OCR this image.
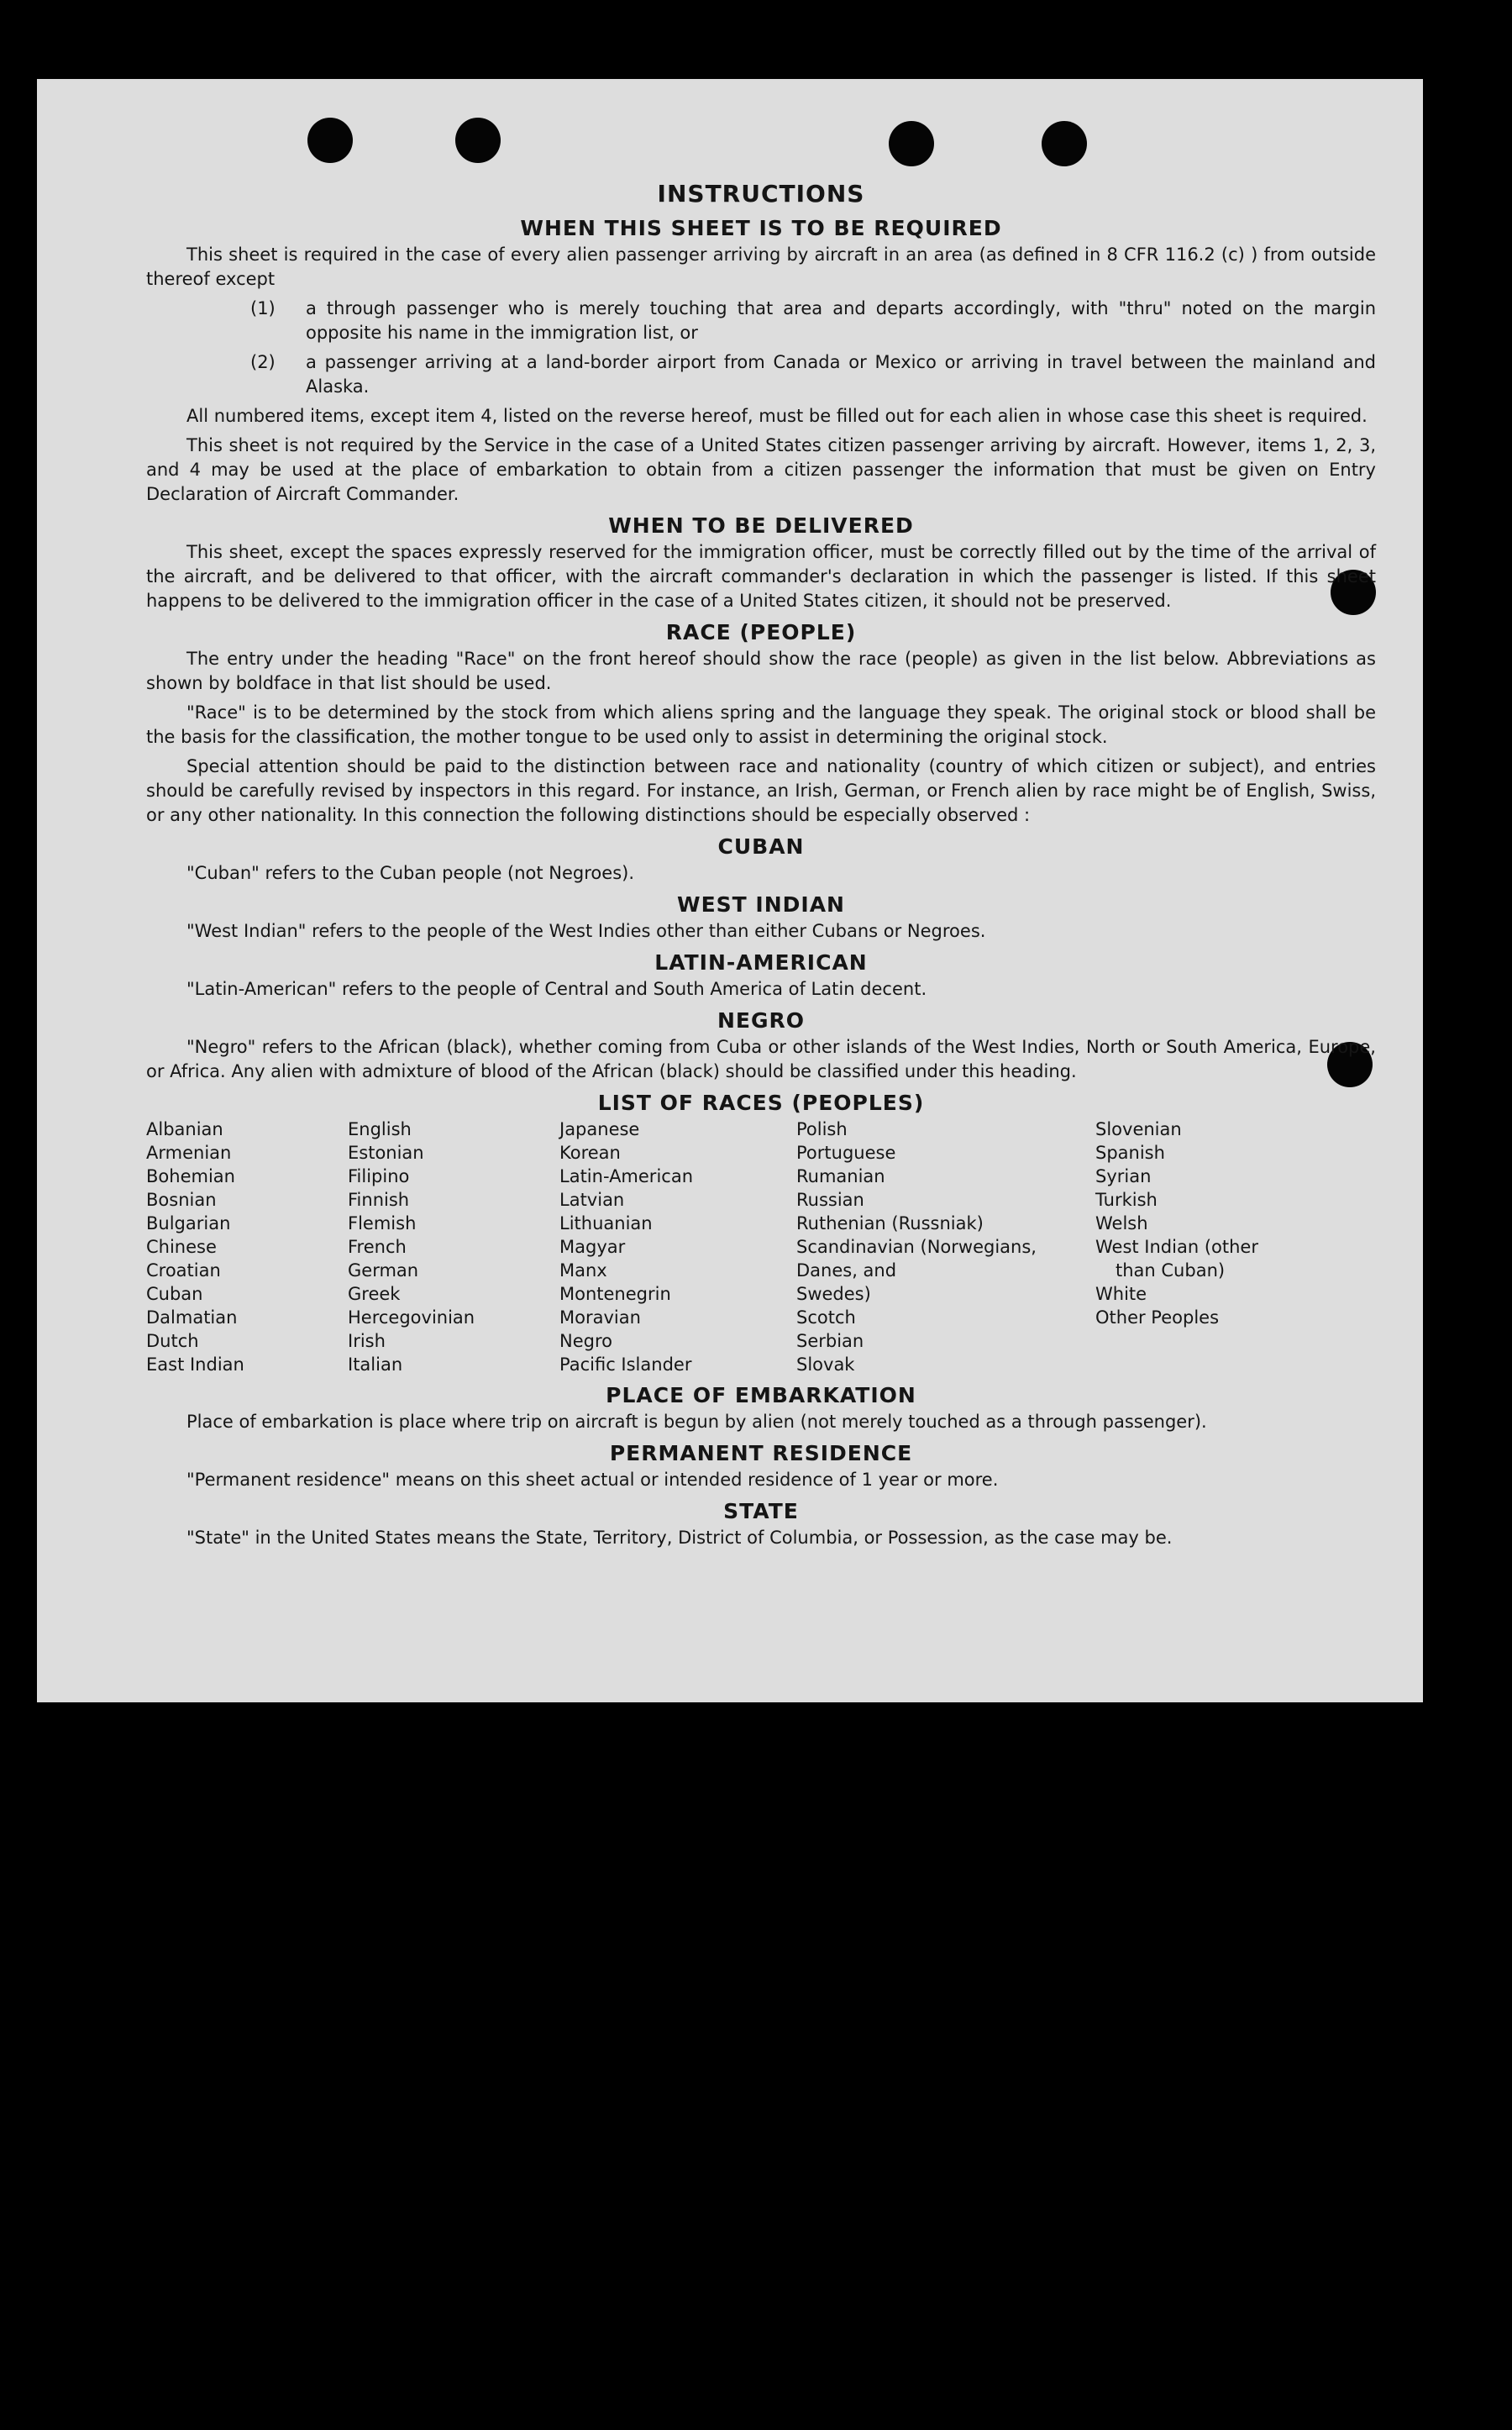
INSTRUCTIONS
WHEN THIS SHEET IS TO BE REQUIRED

This sheet is required in the case of every alien passenger arriving by aircraft in an area (as defined in 8 CFR 116.2 (c) ) from outside thereof except

(1) a through passenger who is merely touching that area and departs accordingly, with "thru" noted on the margin opposite his name in the immigration list, or
(2) a passenger arriving at a land-border airport from Canada or Mexico or arriving in travel between the mainland and Alaska.

All numbered items, except item 4, listed on the reverse hereof, must be filled out for each alien in whose case this sheet is required.

This sheet is not required by the Service in the case of a United States citizen passenger arriving by aircraft. However, items 1, 2, 3, and 4 may be used at the place of embarkation to obtain from a citizen passenger the information that must be given on Entry Declaration of Aircraft Commander.

WHEN TO BE DELIVERED

This sheet, except the spaces expressly reserved for the immigration officer, must be correctly filled out by the time of the arrival of the aircraft, and be delivered to that officer, with the aircraft commander's declaration in which the passenger is listed. If this sheet happens to be delivered to the immigration officer in the case of a United States citizen, it should not be preserved.

RACE (PEOPLE)

The entry under the heading "Race" on the front hereof should show the race (people) as given in the list below. Abbreviations as shown by boldface in that list should be used.

"Race" is to be determined by the stock from which aliens spring and the language they speak. The original stock or blood shall be the basis for the classification, the mother tongue to be used only to assist in determining the original stock.

Special attention should be paid to the distinction between race and nationality (country of which citizen or subject), and entries should be carefully revised by inspectors in this regard. For instance, an Irish, German, or French alien by race might be of English, Swiss, or any other nationality. In this connection the following distinctions should be especially observed :

CUBAN

"Cuban" refers to the Cuban people (not Negroes).

WEST INDIAN

"West Indian" refers to the people of the West Indies other than either Cubans or Negroes.

LATIN-AMERICAN

"Latin-American" refers to the people of Central and South America of Latin decent.

NEGRO

"Negro" refers to the African (black), whether coming from Cuba or other islands of the West Indies, North or South America, Europe, or Africa. Any alien with admixture of blood of the African (black) should be classified under this heading.

LIST OF RACES (PEOPLES)
Albanian
Armenian
Bohemian
Bosnian
Bulgarian
Chinese
Croatian
Cuban
Dalmatian
Dutch
East Indian
English
Estonian
Filipino
Finnish
Flemish
French
German
Greek
Hercegovinian
Irish
Italian
Japanese
Korean
Latin-American
Latvian
Lithuanian
Magyar
Manx
Montenegrin
Moravian
Negro
Pacific Islander
Polish
Portuguese
Rumanian
Russian
Ruthenian (Russniak)
Scandinavian (Norwegians,
Danes, and
Swedes)
Scotch
Serbian
Slovak
Slovenian
Spanish
Syrian
Turkish
Welsh
West Indian (other
than Cuban)
White
Other Peoples
PLACE OF EMBARKATION

Place of embarkation is place where trip on aircraft is begun by alien (not merely touched as a through passenger).

PERMANENT RESIDENCE

"Permanent residence" means on this sheet actual or intended residence of 1 year or more.

STATE

"State" in the United States means the State, Territory, District of Columbia, or Possession, as the case may be.
